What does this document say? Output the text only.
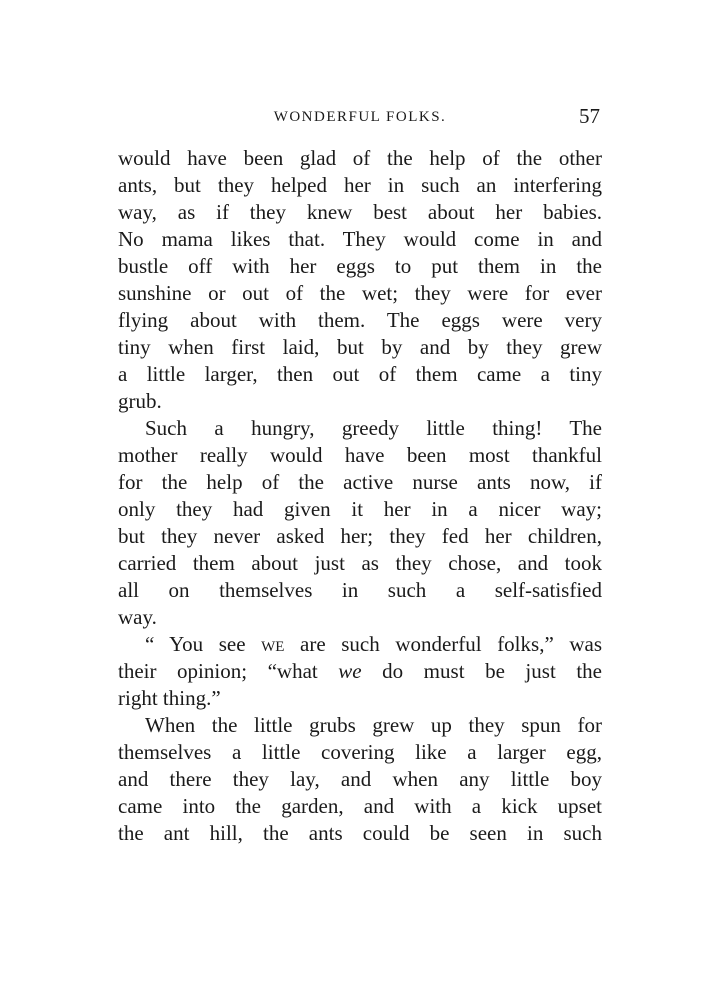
WONDERFUL FOLKS.	57
would have been glad of the help of the other
ants, but they helped her in such an interfering
way, as if they knew best about her babies.
No mama likes that. They would come in and
bustle off with her eggs to put them in the
sunshine or out of the wet; they were for ever
flying about with them. The eggs were very
tiny when first laid, but by and by they grew
a little larger, then out of them came a tiny
grub.
Such a hungry, greedy little thing! The
mother really would have been most thankful
for the help of the active nurse ants now, if
only they had given it her in a nicer way;
but they never asked her; they fed her children,
carried them about just as they chose, and took
all on themselves in such a self-satisfied
way.
“ You see we are such wonderful folks,” was
their opinion; “what we do must be just the
right thing.”
When the little grubs grew up they spun for
themselves a little covering like a larger egg,
and there they lay, and when any little boy
came into the garden, and with a kick upset
the ant hill, the ants could be seen in such
